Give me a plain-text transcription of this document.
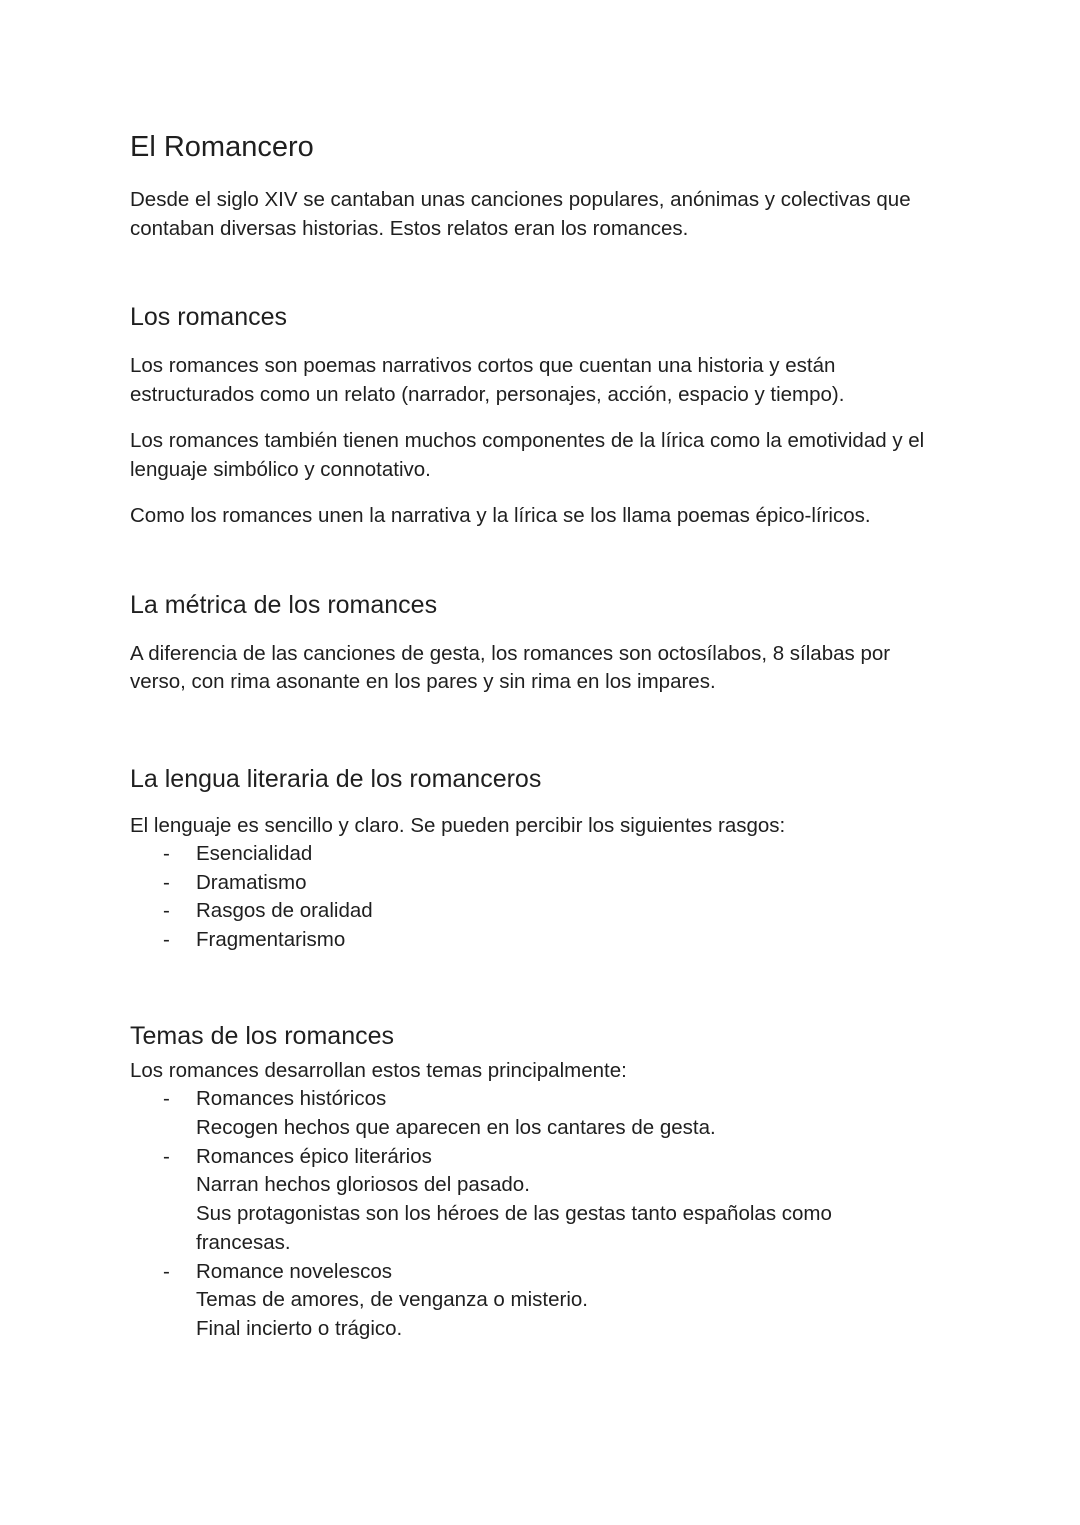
El Romancero

Desde el siglo XIV se cantaban unas canciones populares, anónimas y colectivas que contaban diversas historias. Estos relatos eran los romances.

Los romances

Los romances son poemas narrativos cortos que cuentan una historia y están estructurados como un relato (narrador, personajes, acción, espacio y tiempo).

Los romances también tienen muchos componentes de la lírica como la emotividad y el lenguaje simbólico y connotativo.

Como los romances unen la narrativa y la lírica se los llama poemas épico-líricos.

La métrica de los romances

A diferencia de las canciones de gesta, los romances son octosílabos, 8 sílabas por verso, con rima asonante en los pares y sin rima en los impares.

La lengua literaria de los romanceros

El lenguaje es sencillo y claro. Se pueden percibir los siguientes rasgos:

- Esencialidad
- Dramatismo
- Rasgos de oralidad
- Fragmentarismo
Temas de los romances

Los romances desarrollan estos temas principalmente:

- Romances históricos
Recogen hechos que aparecen en los cantares de gesta.
- Romances épico literários
Narran hechos gloriosos del pasado.
Sus protagonistas son los héroes de las gestas tanto españolas como francesas.
- Romance novelescos
Temas de amores, de venganza o misterio.
Final incierto o trágico.
